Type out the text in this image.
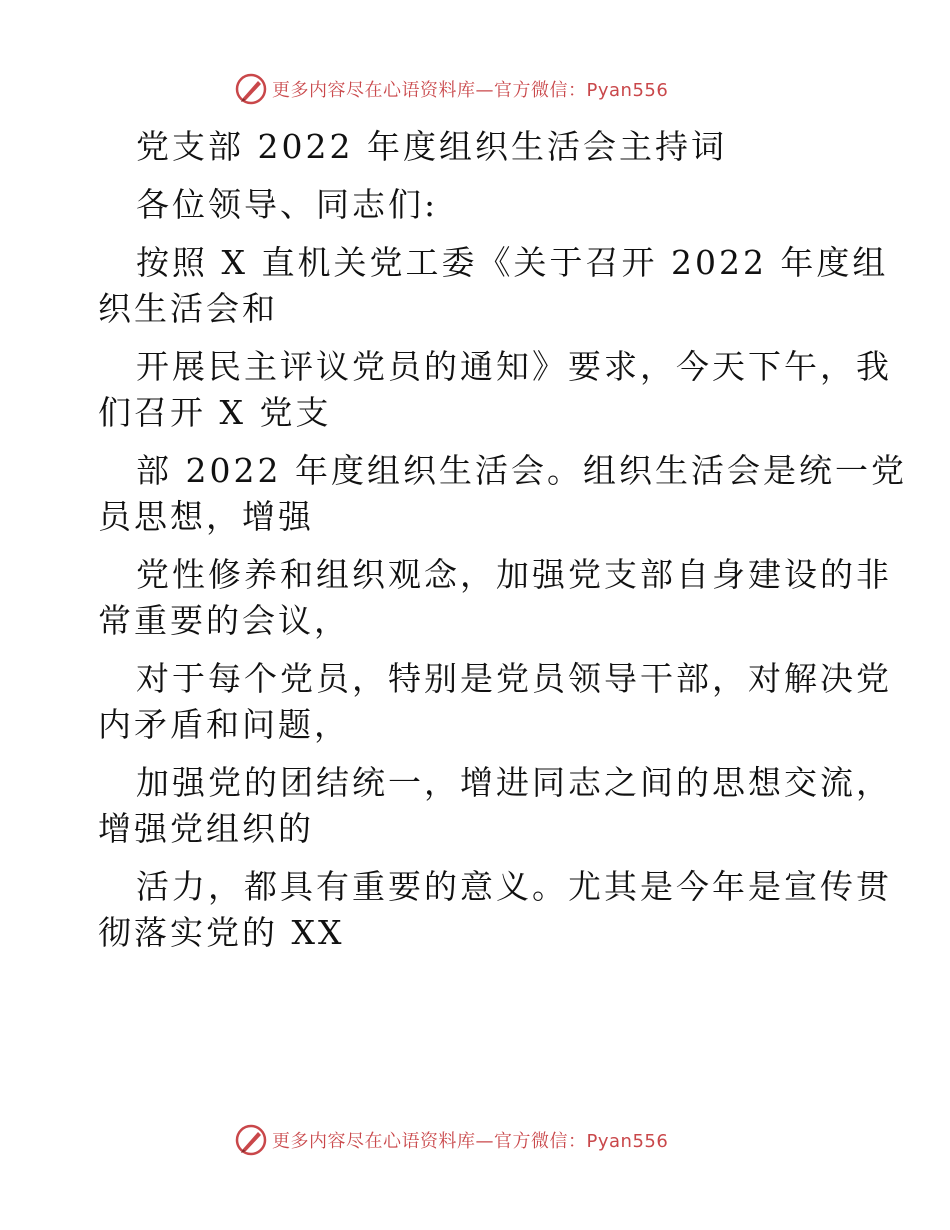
更多内容尽在心语资料库—官方微信：Pyan556
党支部 2022 年度组织生活会主持词
各位领导、同志们:
按照 X 直机关党工委《关于召开 2022 年度组
织生活会和
开展民主评议党员的通知》要求，今天下午，我
们召开 X 党支
部 2022 年度组织生活会。组织生活会是统一党
员思想，增强
党性修养和组织观念，加强党支部自身建设的非
常重要的会议，
对于每个党员，特别是党员领导干部，对解决党
内矛盾和问题，
加强党的团结统一，增进同志之间的思想交流，
增强党组织的
活力，都具有重要的意义。尤其是今年是宣传贯
彻落实党的 XX
更多内容尽在心语资料库—官方微信：Pyan556
